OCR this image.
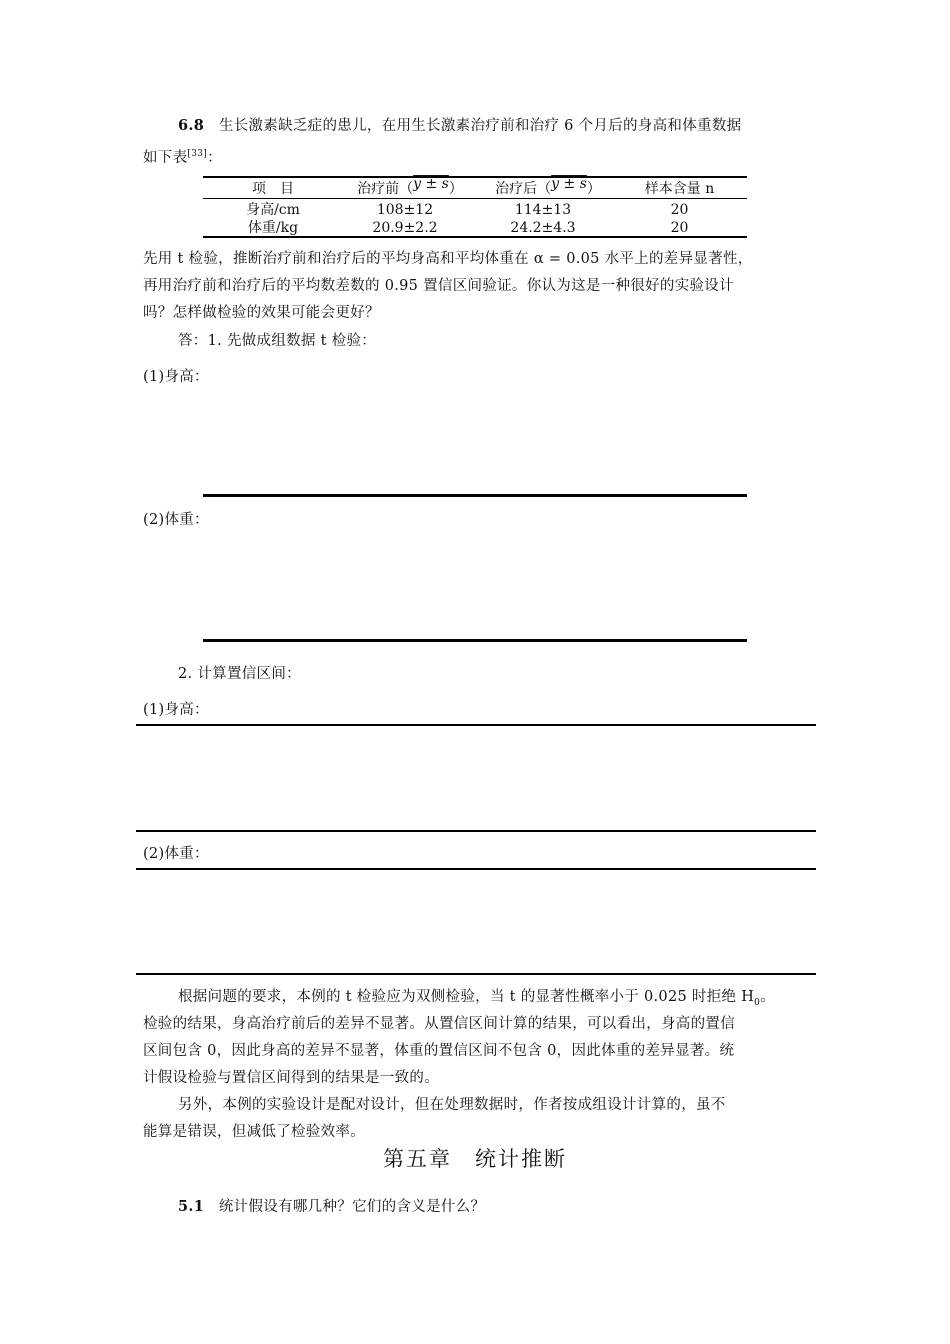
6.8 生长激素缺乏症的患儿，在用生长激素治疗前和治疗 6 个月后的身高和体重数据
如下表[33]：
项　目	治疗前（y ± s）	治疗后（y ± s）	样本含量 n
身高/cm	108±12	114±13	20
体重/kg	20.9±2.2	24.2±4.3	20
先用 t 检验，推断治疗前和治疗后的平均身高和平均体重在 α = 0.05 水平上的差异显著性，
再用治疗前和治疗后的平均数差数的 0.95 置信区间验证。你认为这是一种很好的实验设计
吗？怎样做检验的效果可能会更好？
答：1. 先做成组数据 t 检验：
(1)身高：
(2)体重：
2. 计算置信区间：
(1)身高：
(2)体重：
根据问题的要求，本例的 t 检验应为双侧检验，当 t 的显著性概率小于 0.025 时拒绝 $H_0$。
检验的结果，身高治疗前后的差异不显著。从置信区间计算的结果，可以看出，身高的置信
区间包含 0，因此身高的差异不显著，体重的置信区间不包含 0，因此体重的差异显著。统
计假设检验与置信区间得到的结果是一致的。
另外，本例的实验设计是配对设计，但在处理数据时，作者按成组设计计算的，虽不
能算是错误，但减低了检验效率。
第五章　统计推断
5.1 统计假设有哪几种？它们的含义是什么？
